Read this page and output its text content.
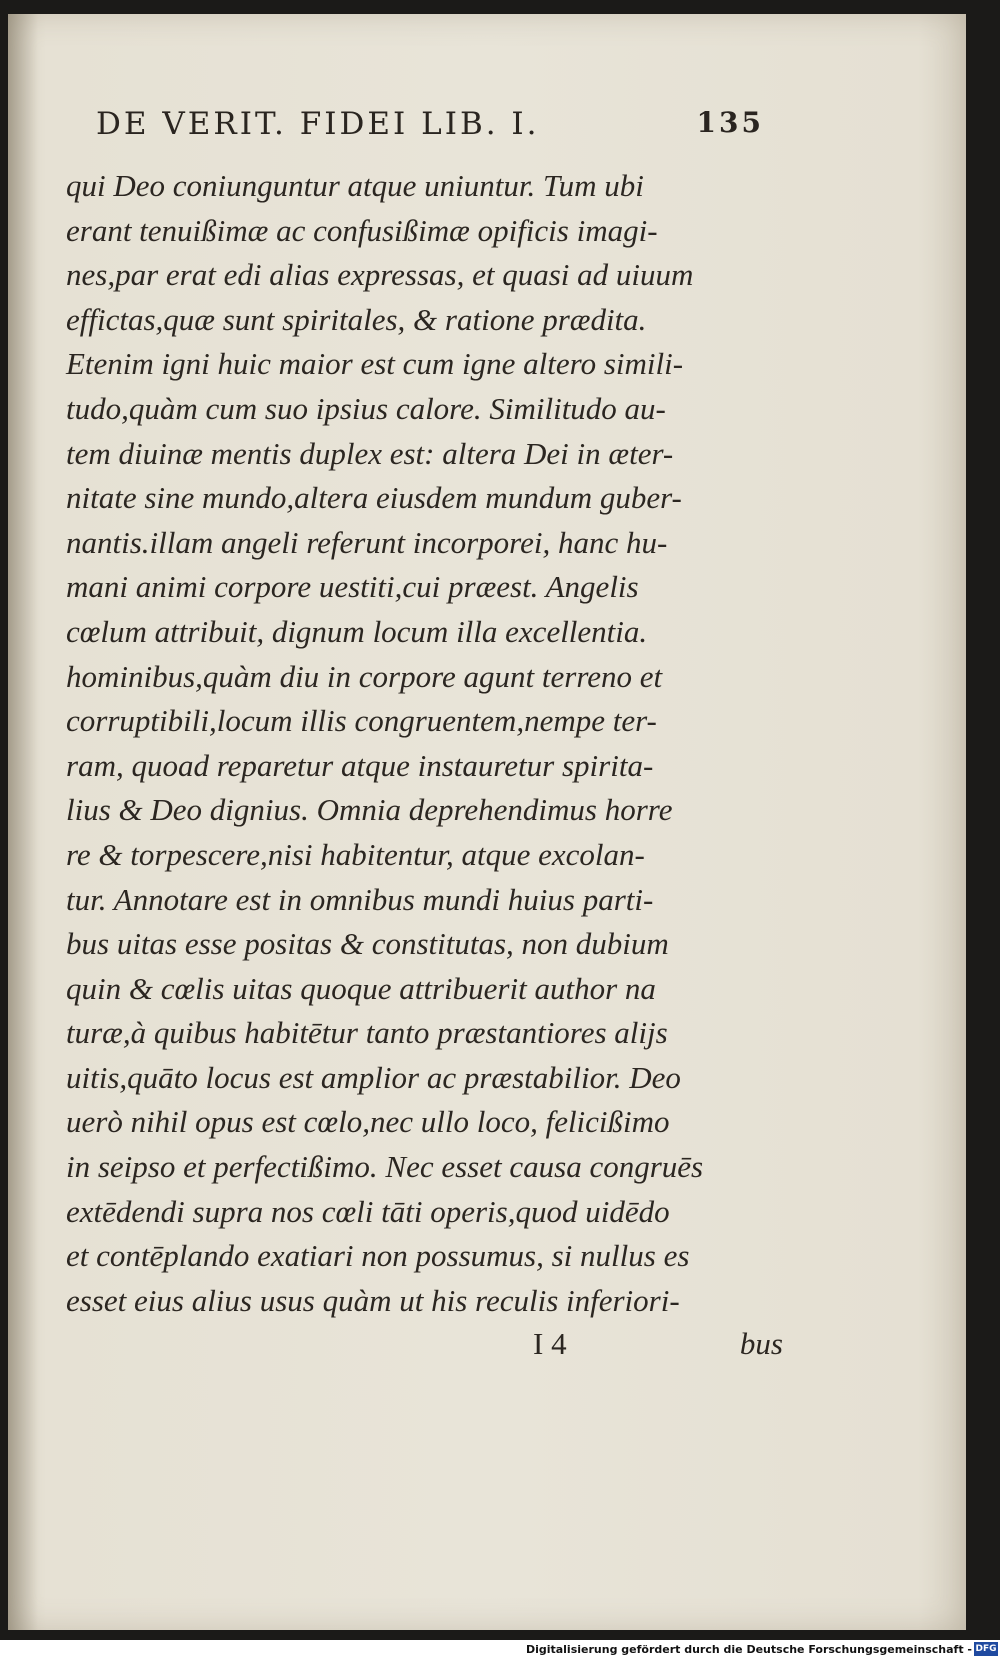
DE VERIT. FIDEI LIB. I.	135
qui Deo coniunguntur atque uniuntur. Tum ubi
erant tenuißimæ ac confusißimæ opificis imagi-
nes,par erat edi alias expressas, et quasi ad uiuum
effictas,quæ sunt spiritales, & ratione prædita.
Etenim igni huic maior est cum igne altero simili-
tudo,quàm cum suo ipsius calore. Similitudo au-
tem diuinæ mentis duplex est: altera Dei in æter-
nitate sine mundo,altera eiusdem mundum guber-
nantis.illam angeli referunt incorporei, hanc hu-
mani animi corpore uestiti,cui præest. Angelis
cœlum attribuit, dignum locum illa excellentia.
hominibus,quàm diu in corpore agunt terreno et
corruptibili,locum illis congruentem,nempe ter-
ram, quoad reparetur atque instauretur spirita-
lius & Deo dignius. Omnia deprehendimus horre
re & torpescere,nisi habitentur, atque excolan-
tur. Annotare est in omnibus mundi huius parti-
bus uitas esse positas & constitutas, non dubium
quin & cœlis uitas quoque attribuerit author na
turæ,à quibus habitētur tanto præstantiores alijs
uitis,quāto locus est amplior ac præstabilior. Deo
uerò nihil opus est cœlo,nec ullo loco, felicißimo
in seipso et perfectißimo. Nec esset causa congruēs
extēdendi supra nos cœli tāti operis,quod uidēdo
et contēplando exatiari non possumus, si nullus es
esset eius alius usus quàm ut his reculis inferiori-
I 4	bus
Digitalisierung gefördert durch die Deutsche Forschungsgemeinschaft - DFG
